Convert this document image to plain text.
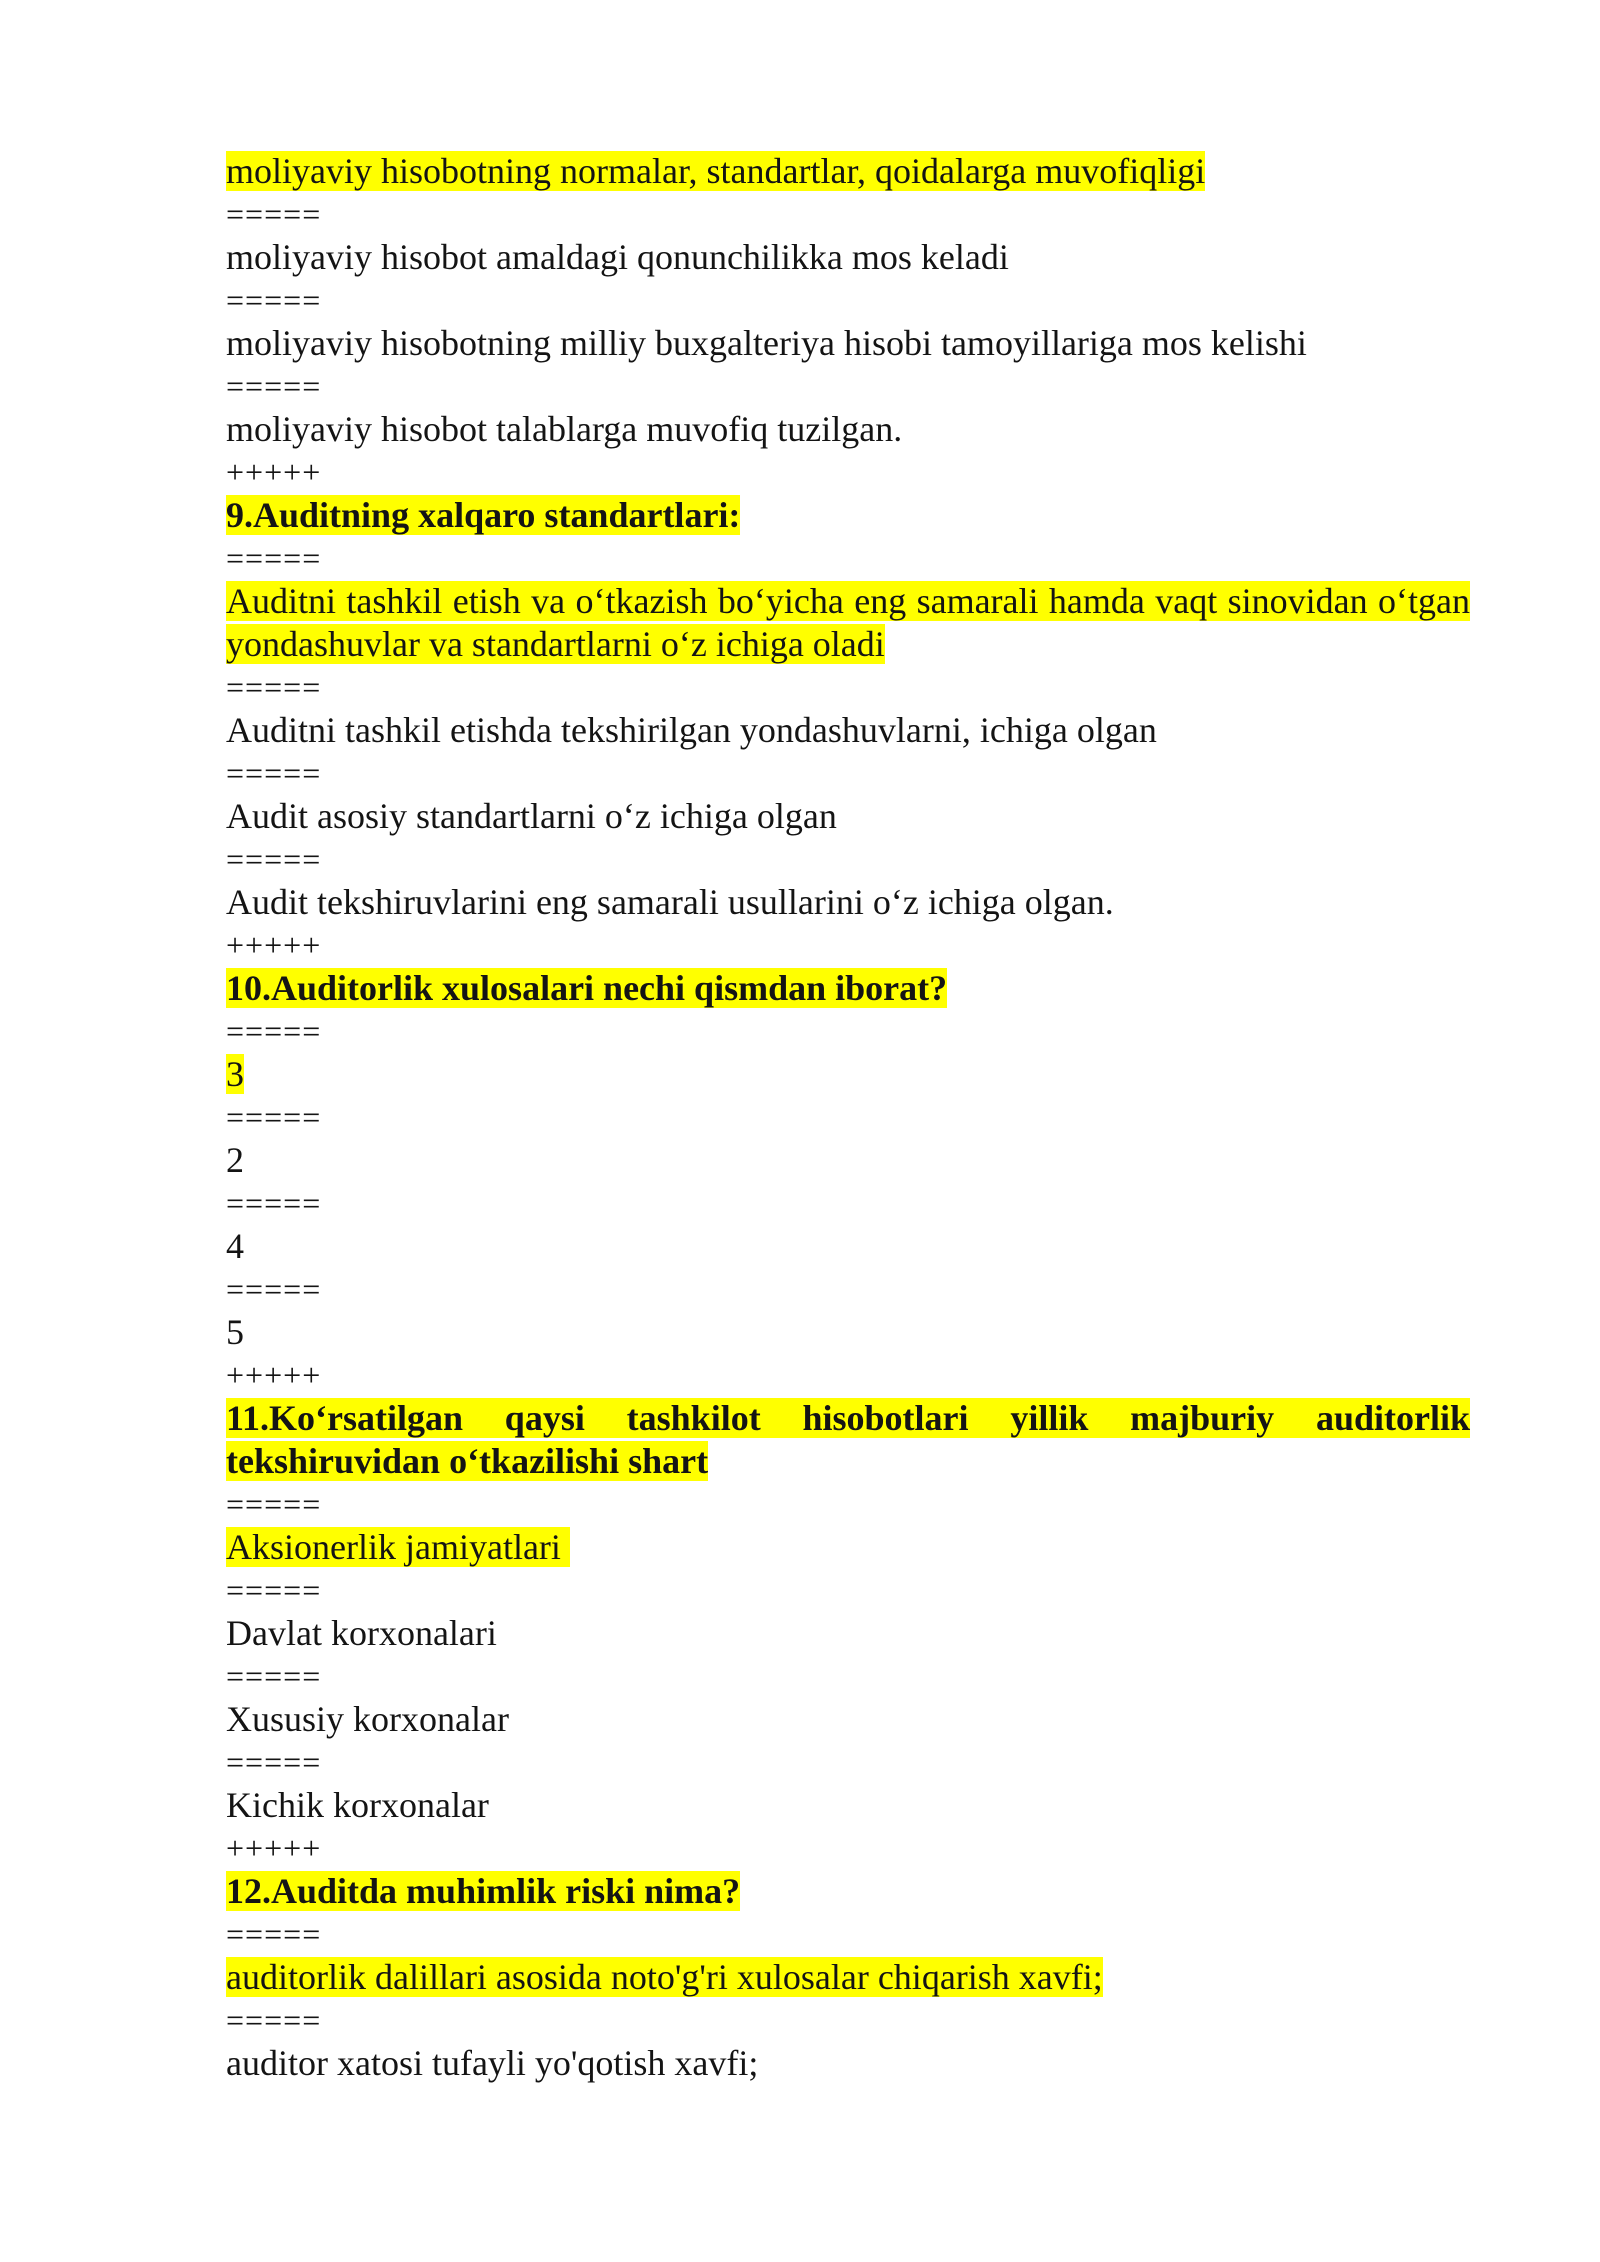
moliyaviy hisobotning normalar, standartlar, qoidalarga muvofiqligi
=====
moliyaviy hisobot amaldagi qonunchilikka mos keladi
=====
moliyaviy hisobotning milliy buxgalteriya hisobi tamoyillariga mos kelishi
=====
moliyaviy hisobot talablarga muvofiq tuzilgan.
+++++
9.Auditning xalqaro standartlari:
=====
Auditni tashkil etish va o‘tkazish bo‘yicha eng samarali hamda vaqt sinovidan o‘tgan yondashuvlar va standartlarni o‘z ichiga oladi
=====
Auditni tashkil etishda tekshirilgan yondashuvlarni, ichiga olgan
=====
Audit asosiy standartlarni o‘z ichiga olgan
=====
Audit tekshiruvlarini eng samarali usullarini o‘z ichiga olgan.
+++++
10.Auditorlik xulosalari nechi qismdan iborat?
=====
3
=====
2
=====
4
=====
5
+++++
11.Ko‘rsatilgan qaysi tashkilot hisobotlari yillik majburiy auditorlik tekshiruvidan o‘tkazilishi shart
=====
Aksionerlik jamiyatlari
=====
Davlat korxonalari
=====
Xususiy korxonalar
=====
Kichik korxonalar
+++++
12.Auditda muhimlik riski nima?
=====
auditorlik dalillari asosida noto'g'ri xulosalar chiqarish xavfi;
=====
auditor xatosi tufayli yo'qotish xavfi;
